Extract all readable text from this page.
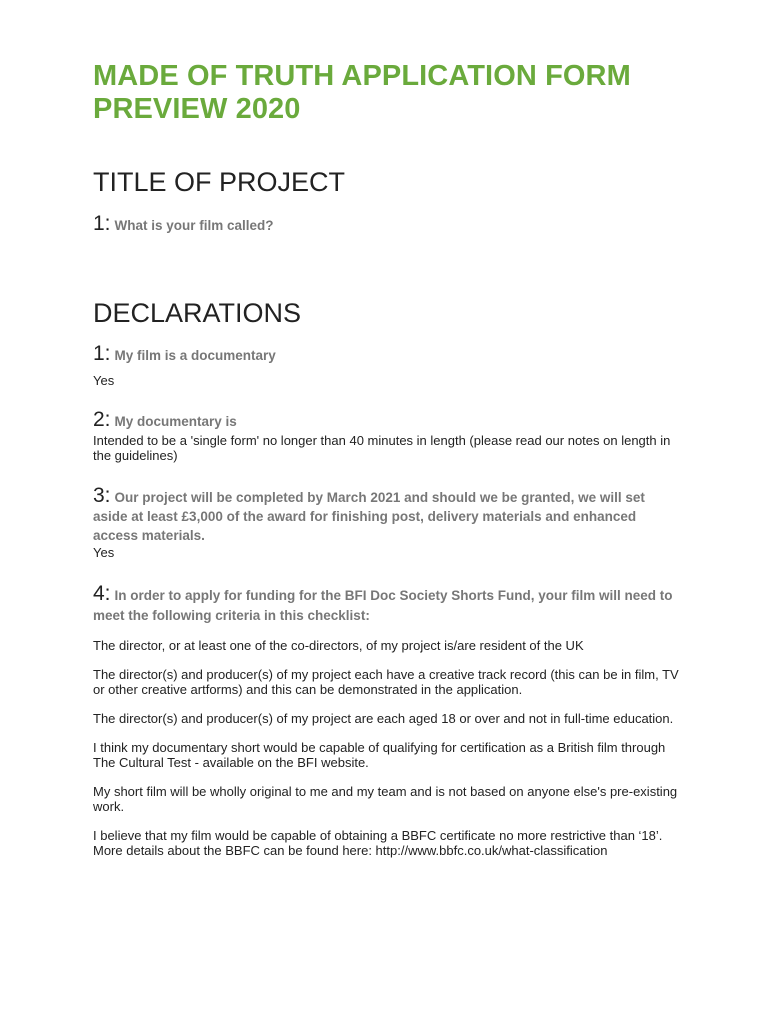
MADE OF TRUTH APPLICATION FORM PREVIEW 2020
TITLE OF PROJECT

1: What is your film called?

DECLARATIONS

1: My film is a documentary

Yes

2: My documentary is

Intended to be a 'single form' no longer than 40 minutes in length (please read our notes on length in the guidelines)

3: Our project will be completed by March 2021 and should we be granted, we will set aside at least £3,000 of the award for finishing post, delivery materials and enhanced access materials.

Yes

4: In order to apply for funding for the BFI Doc Society Shorts Fund, your film will need to meet the following criteria in this checklist:

The director, or at least one of the co-directors, of my project is/are resident of the UK

The director(s) and producer(s) of my project each have a creative track record (this can be in film, TV or other creative artforms) and this can be demonstrated in the application.

The director(s) and producer(s) of my project are each aged 18 or over and not in full-time education.

I think my documentary short would be capable of qualifying for certification as a British film through The Cultural Test - available on the BFI website.

My short film will be wholly original to me and my team and is not based on anyone else's pre-existing work.

I believe that my film would be capable of obtaining a BBFC certificate no more restrictive than ‘18’. More details about the BBFC can be found here: http://www.bbfc.co.uk/what-classification
